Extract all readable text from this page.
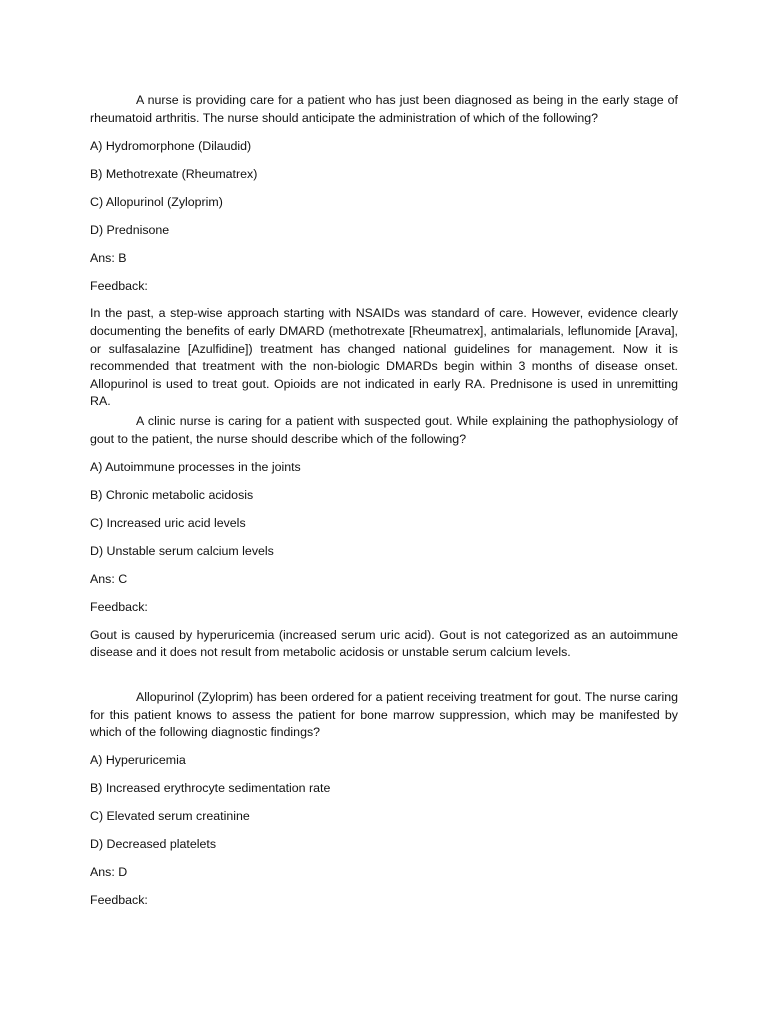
A nurse is providing care for a patient who has just been diagnosed as being in the early stage of rheumatoid arthritis. The nurse should anticipate the administration of which of the following?

A) Hydromorphone (Dilaudid)

B) Methotrexate (Rheumatrex)

C) Allopurinol (Zyloprim)

D) Prednisone

Ans: B

Feedback:

In the past, a step-wise approach starting with NSAIDs was standard of care. However, evidence clearly documenting the benefits of early DMARD (methotrexate [Rheumatrex], antimalarials, leflunomide [Arava], or sulfasalazine [Azulfidine]) treatment has changed national guidelines for management. Now it is recommended that treatment with the non-biologic DMARDs begin within 3 months of disease onset. Allopurinol is used to treat gout. Opioids are not indicated in early RA. Prednisone is used in unremitting RA.

A clinic nurse is caring for a patient with suspected gout. While explaining the pathophysiology of gout to the patient, the nurse should describe which of the following?

A) Autoimmune processes in the joints

B) Chronic metabolic acidosis

C) Increased uric acid levels

D) Unstable serum calcium levels

Ans: C

Feedback:

Gout is caused by hyperuricemia (increased serum uric acid). Gout is not categorized as an autoimmune disease and it does not result from metabolic acidosis or unstable serum calcium levels.

Allopurinol (Zyloprim) has been ordered for a patient receiving treatment for gout. The nurse caring for this patient knows to assess the patient for bone marrow suppression, which may be manifested by which of the following diagnostic findings?

A) Hyperuricemia

B) Increased erythrocyte sedimentation rate

C) Elevated serum creatinine

D) Decreased platelets

Ans: D

Feedback:
